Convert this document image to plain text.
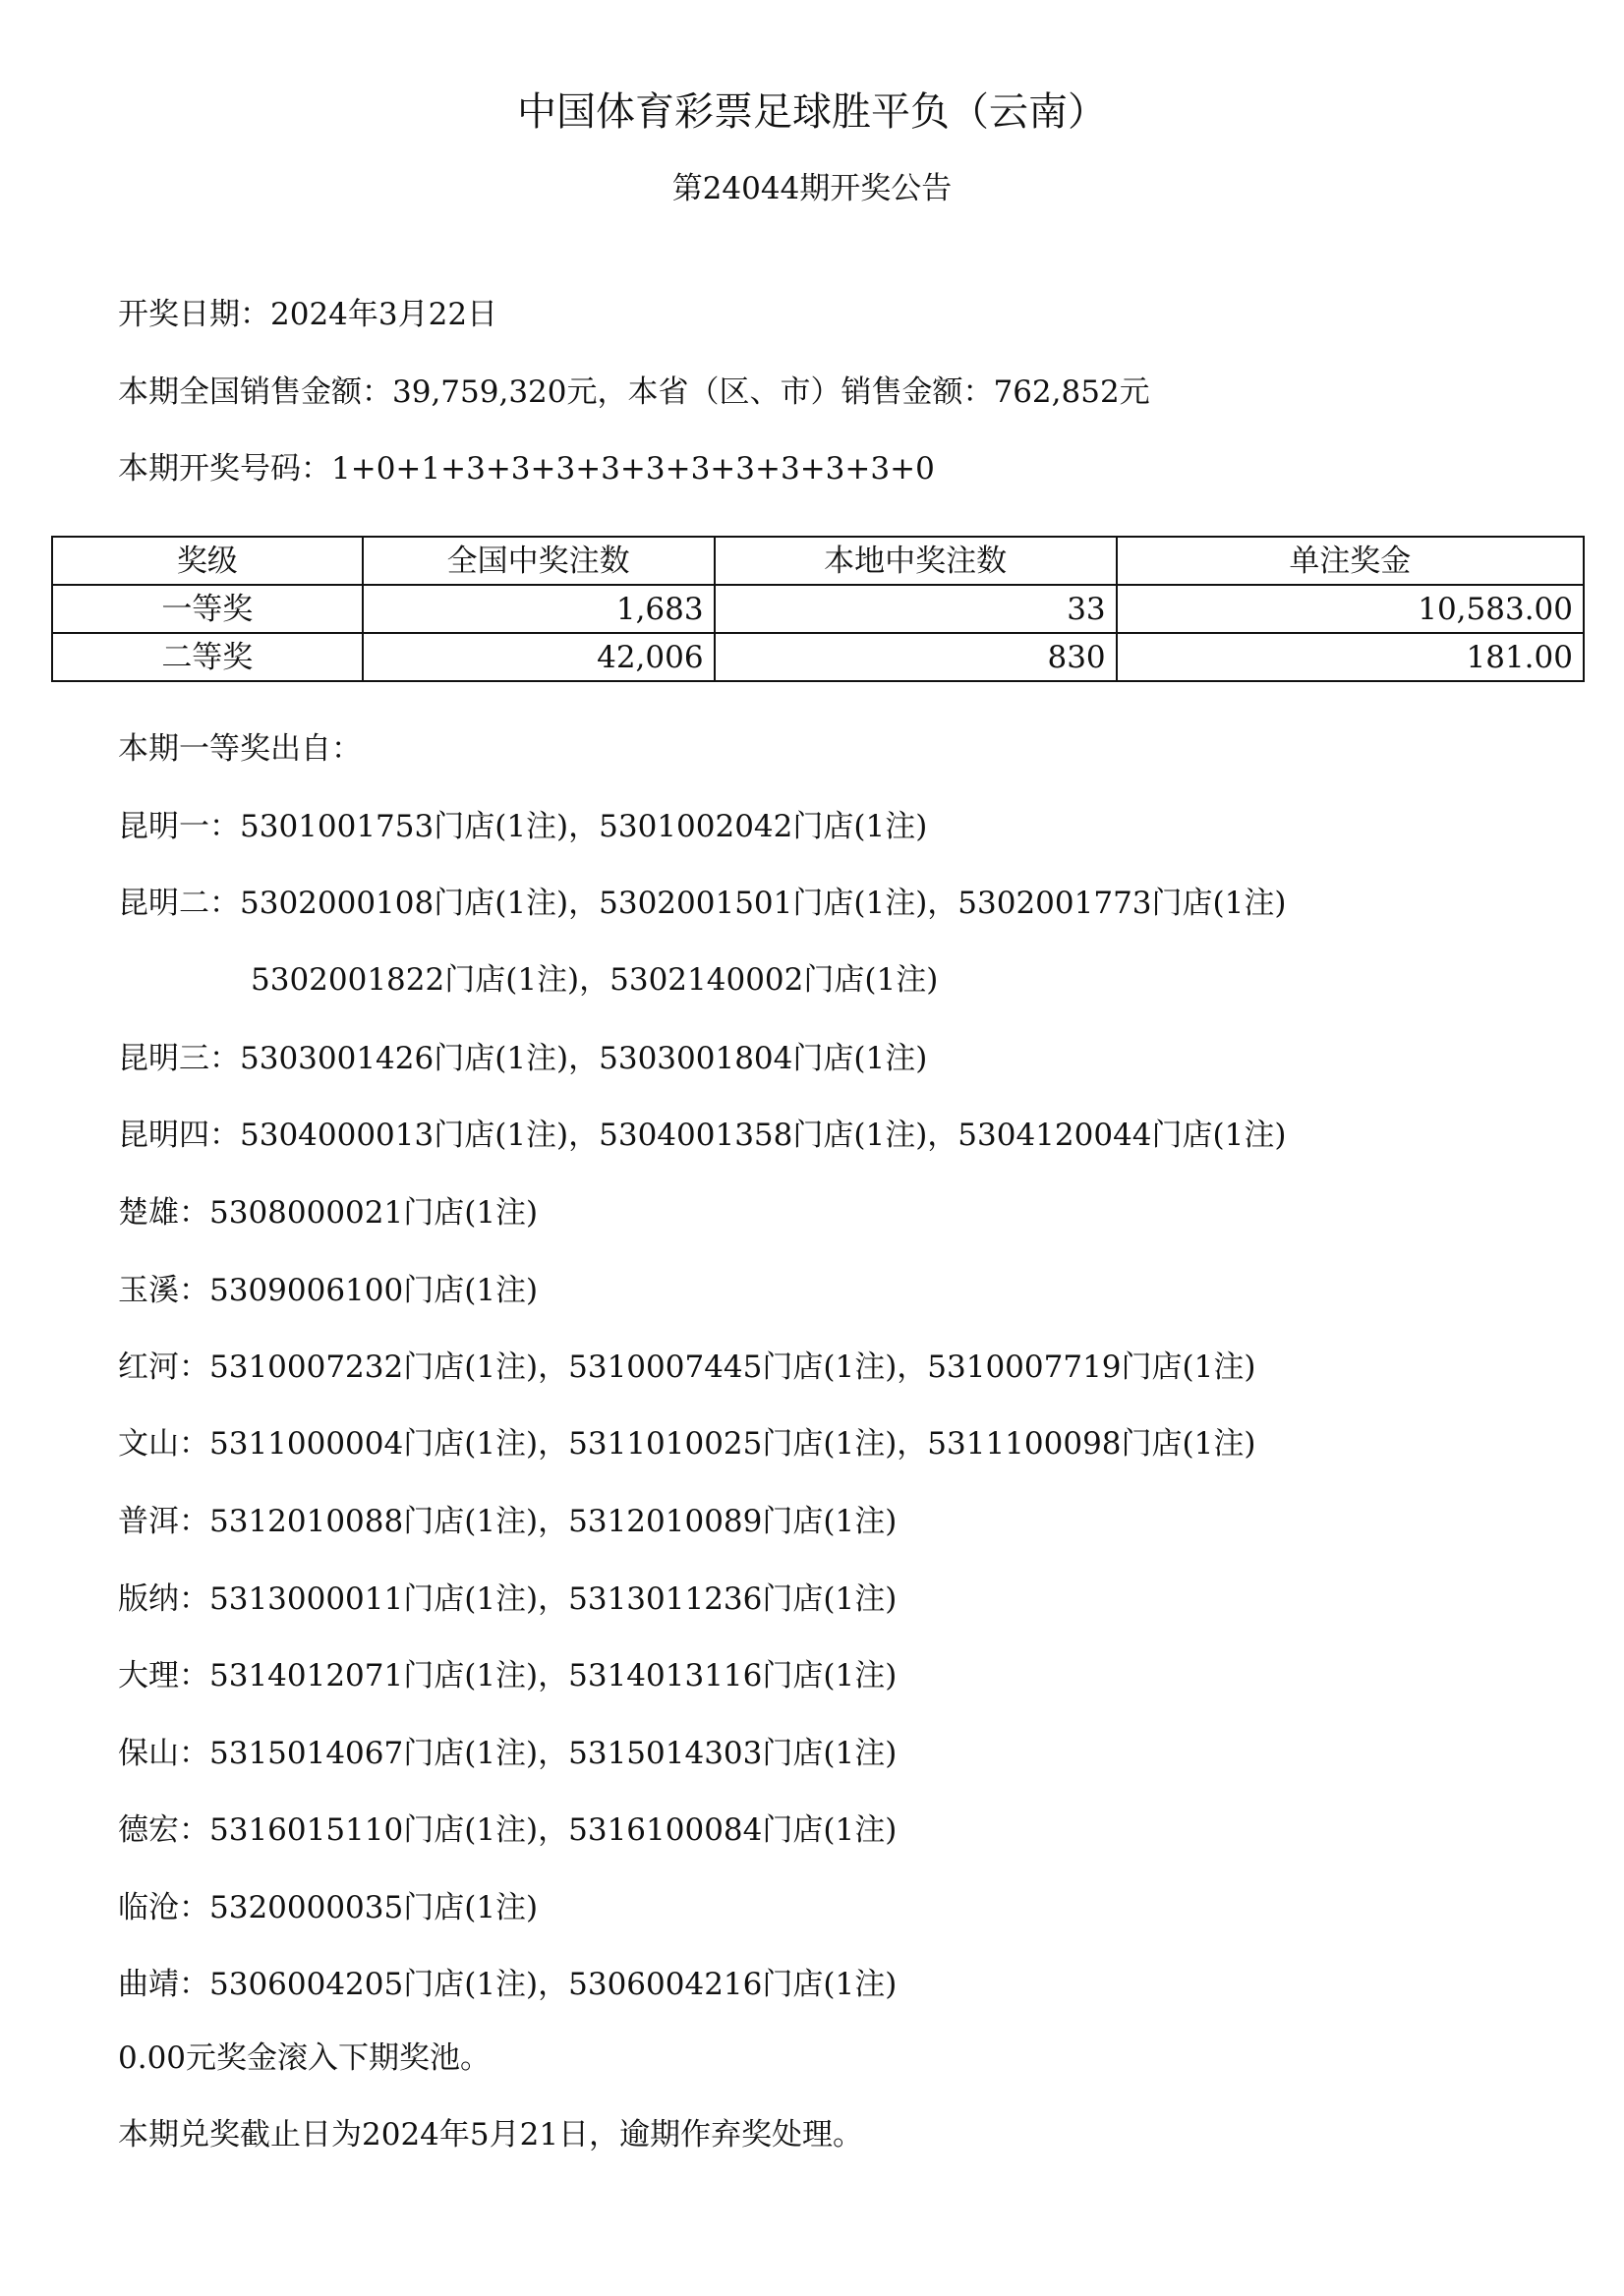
中国体育彩票足球胜平负（云南）
第24044期开奖公告
开奖日期：2024年3月22日
本期全国销售金额：39,759,320元，本省（区、市）销售金额：762,852元
本期开奖号码：1+0+1+3+3+3+3+3+3+3+3+3+3+0
奖级	全国中奖注数	本地中奖注数	单注奖金
一等奖	1,683	33	10,583.00
二等奖	42,006	830	181.00
本期一等奖出自：
昆明一：5301001753门店(1注)，5301002042门店(1注)
昆明二：5302000108门店(1注)，5302001501门店(1注)，5302001773门店(1注)
5302001822门店(1注)，5302140002门店(1注)
昆明三：5303001426门店(1注)，5303001804门店(1注)
昆明四：5304000013门店(1注)，5304001358门店(1注)，5304120044门店(1注)
楚雄：5308000021门店(1注)
玉溪：5309006100门店(1注)
红河：5310007232门店(1注)，5310007445门店(1注)，5310007719门店(1注)
文山：5311000004门店(1注)，5311010025门店(1注)，5311100098门店(1注)
普洱：5312010088门店(1注)，5312010089门店(1注)
版纳：5313000011门店(1注)，5313011236门店(1注)
大理：5314012071门店(1注)，5314013116门店(1注)
保山：5315014067门店(1注)，5315014303门店(1注)
德宏：5316015110门店(1注)，5316100084门店(1注)
临沧：5320000035门店(1注)
曲靖：5306004205门店(1注)，5306004216门店(1注)
0.00元奖金滚入下期奖池。
本期兑奖截止日为2024年5月21日，逾期作弃奖处理。
